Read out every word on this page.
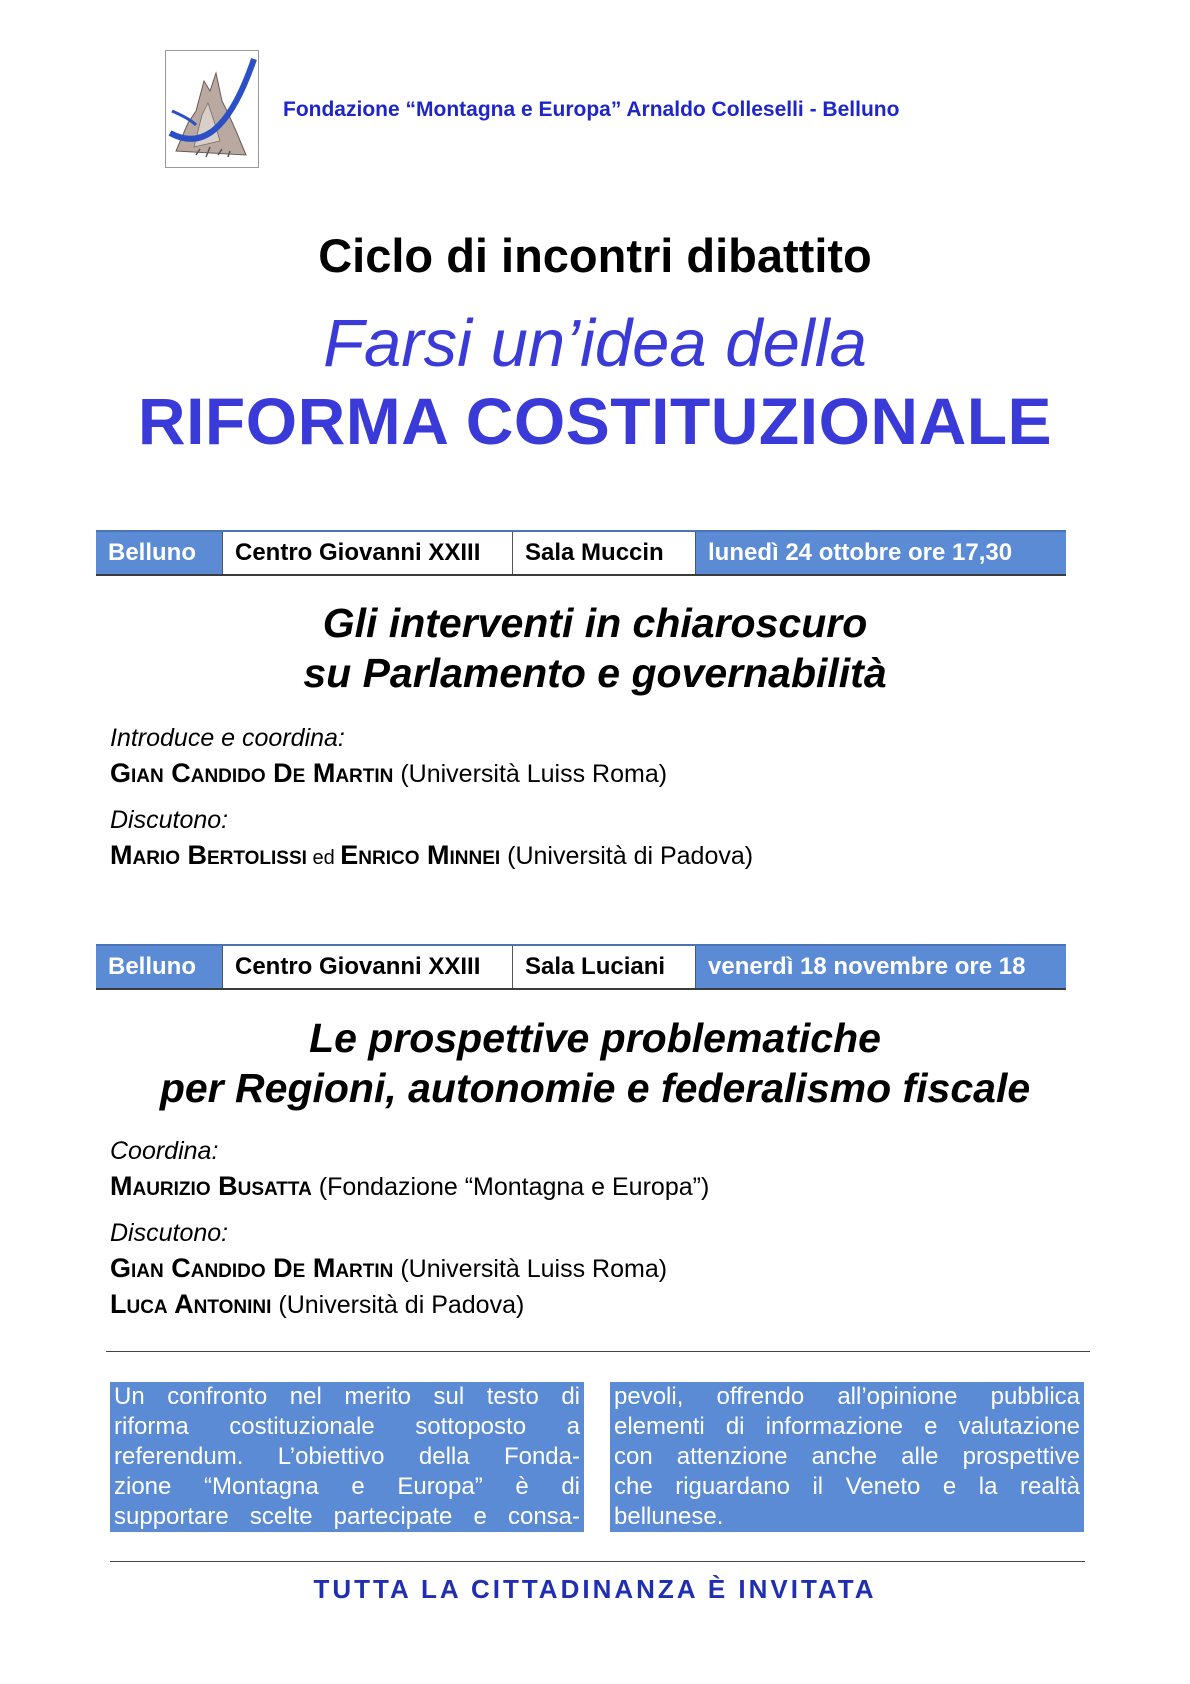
Fondazione “Montagna e Europa” Arnaldo Colleselli - Belluno
Ciclo di incontri dibattito
Farsi un’idea della
RIFORMA COSTITUZIONALE
Belluno	Centro Giovanni XXIII	Sala Muccin	lunedì 24 ottobre ore 17,30
Gli interventi in chiaroscuro
su Parlamento e governabilità
Introduce e coordina:
Gian Candido De Martin (Università Luiss Roma)
Discutono:
Mario Bertolissi ed Enrico Minnei (Università di Padova)
Belluno	Centro Giovanni XXIII	Sala Luciani	venerdì 18 novembre ore 18
Le prospettive problematiche
per Regioni, autonomie e federalismo fiscale
Coordina:
Maurizio Busatta (Fondazione “Montagna e Europa”)
Discutono:
Gian Candido De Martin (Università Luiss Roma)
Luca Antonini (Università di Padova)
Un confronto nel merito sul testo di
riforma costituzionale sottoposto a
referendum. L’obiettivo della Fonda-
zione “Montagna e Europa” è di
supportare scelte partecipate e consa-
pevoli, offrendo all’opinione pubblica
elementi di informazione e valutazione
con attenzione anche alle prospettive
che riguardano il Veneto e la realtà
bellunese.
TUTTA LA CITTADINANZA È INVITATA
